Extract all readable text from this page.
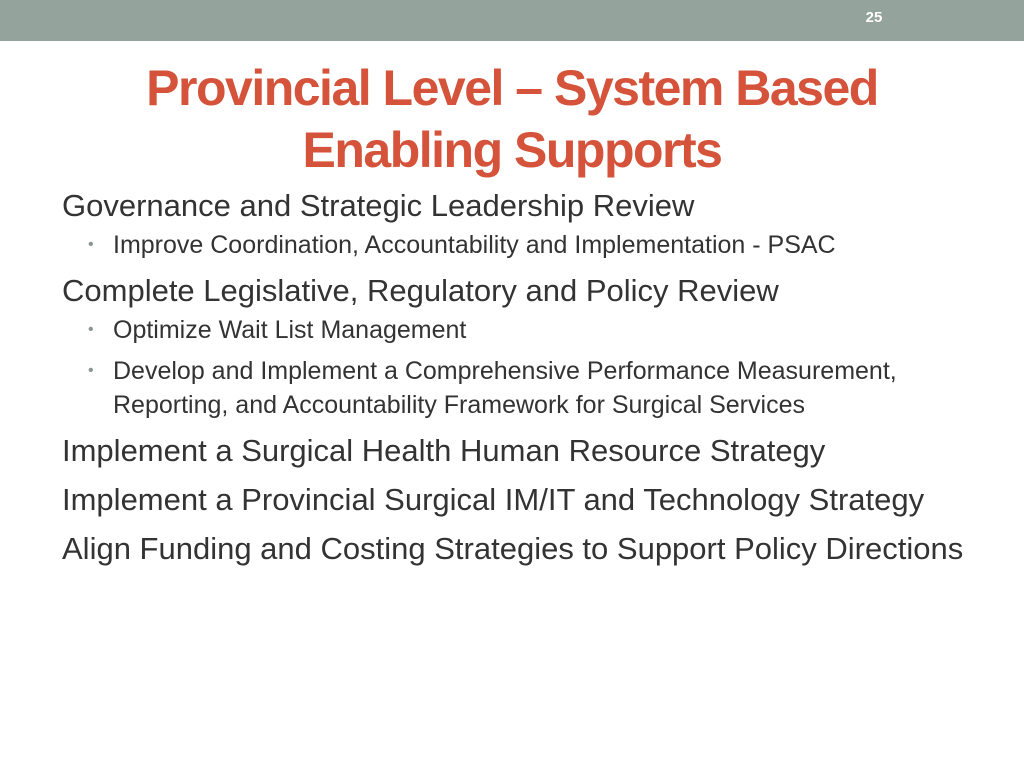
25
Provincial Level – System Based
Enabling Supports
Governance and Strategic Leadership Review
• Improve Coordination, Accountability and Implementation - PSAC
Complete Legislative, Regulatory and Policy Review
• Optimize Wait List Management
• Develop and Implement a Comprehensive Performance Measurement, Reporting, and Accountability Framework for Surgical Services
Implement a Surgical Health Human Resource Strategy
Implement a Provincial Surgical IM/IT and Technology Strategy
Align Funding and Costing Strategies to Support Policy Directions
